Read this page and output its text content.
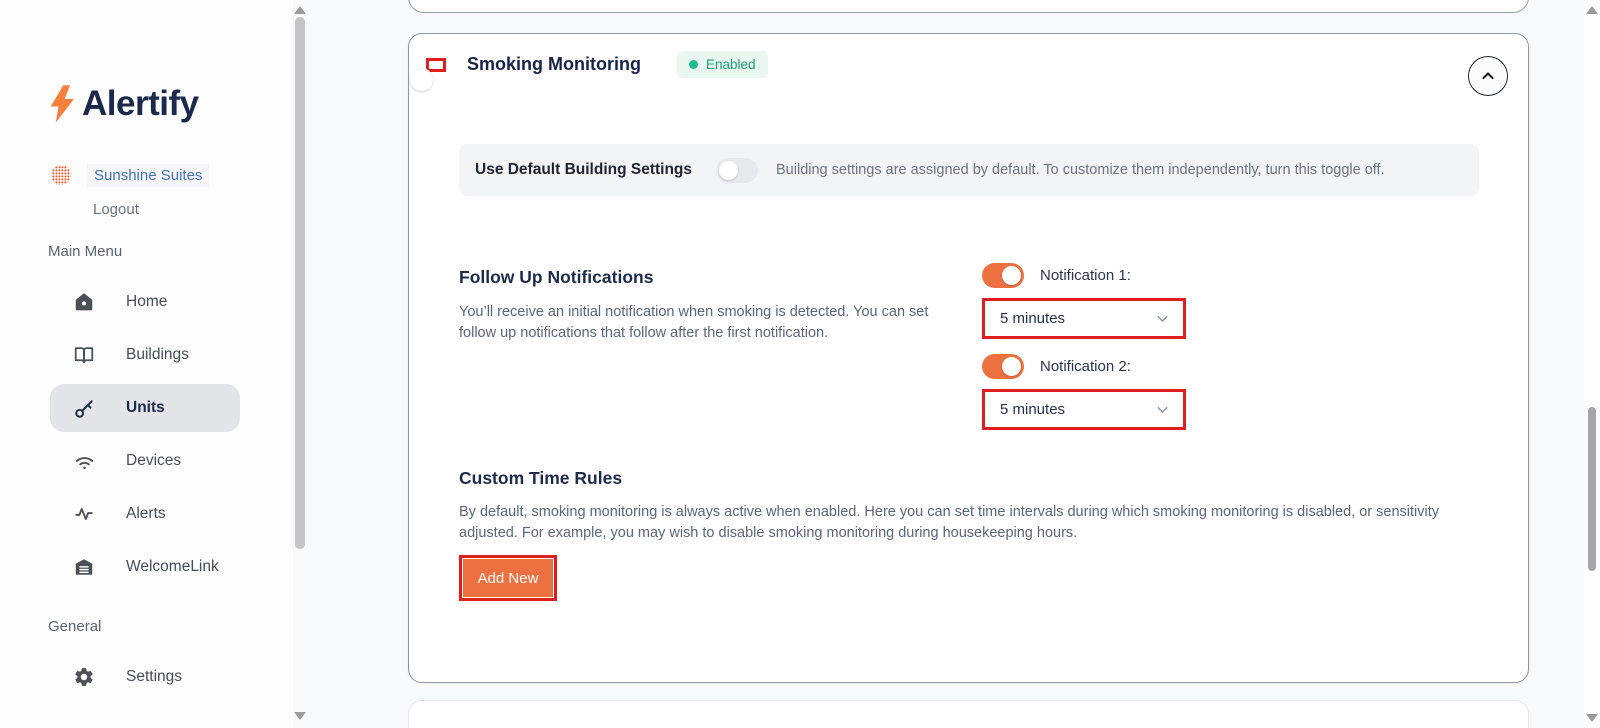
Alertify
Sunshine Suites
Logout
Main Menu
Home
Buildings
Units
Devices
Alerts
WelcomeLink
General
Settings
Smoking Monitoring	Enabled
Use Default Building Settings	Building settings are assigned by default. To customize them independently, turn this toggle off.
Follow Up Notifications
You’ll receive an initial notification when smoking is detected. You can set follow up notifications that follow after the first notification.
Notification 1:
5 minutes
Notification 2:
5 minutes
Custom Time Rules
By default, smoking monitoring is always active when enabled. Here you can set time intervals during which smoking monitoring is disabled, or sensitivity adjusted. For example, you may wish to disable smoking monitoring during housekeeping hours.
Add New
